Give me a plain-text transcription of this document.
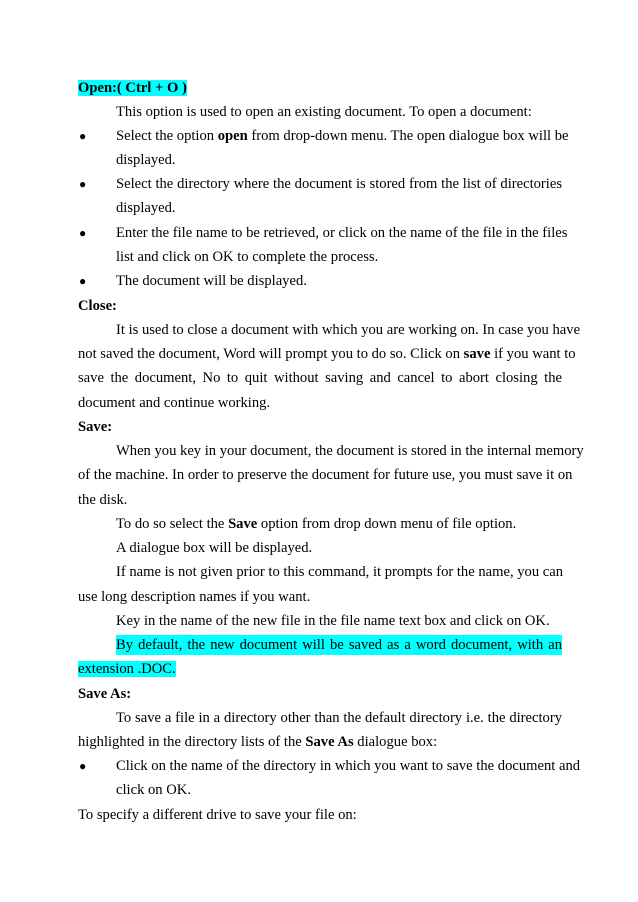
Open:( Ctrl + O )
This option is used to open an existing document. To open a document:
● Select the option open from drop-down menu. The open dialogue box will be
displayed.
● Select the directory where the document is stored from the list of directories
displayed.
● Enter the file name to be retrieved, or click on the name of the file in the files
list and click on OK to complete the process.
● The document will be displayed.
Close:
It is used to close a document with which you are working on. In case you have
not saved the document, Word will prompt you to do so. Click on save if you want to
save the document, No to quit without saving and cancel to abort closing the
document and continue working.
Save:
When you key in your document, the document is stored in the internal memory
of the machine. In order to preserve the document for future use, you must save it on
the disk.
To do so select the Save option from drop down menu of file option.
A dialogue box will be displayed.
If name is not given prior to this command, it prompts for the name, you can
use long description names if you want.
Key in the name of the new file in the file name text box and click on OK.
By default, the new document will be saved as a word document, with an
extension .DOC.
Save As:
To save a file in a directory other than the default directory i.e. the directory
highlighted in the directory lists of the Save As dialogue box:
● Click on the name of the directory in which you want to save the document and
click on OK.
To specify a different drive to save your file on:
